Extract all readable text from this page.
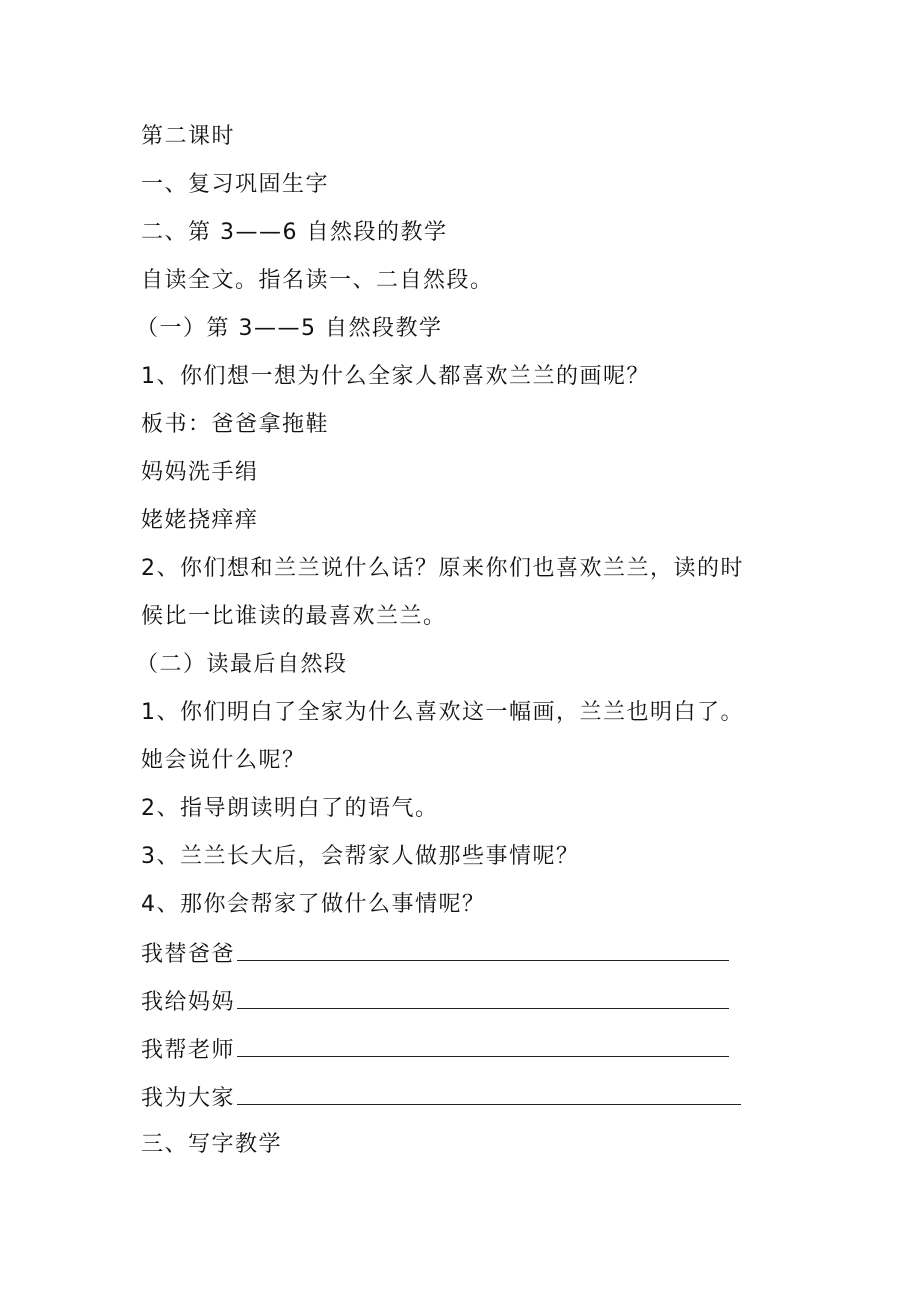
第二课时
一、复习巩固生字
二、第 3——6 自然段的教学
自读全文。指名读一、二自然段。
（一）第 3——5 自然段教学
1、你们想一想为什么全家人都喜欢兰兰的画呢？
板书：爸爸拿拖鞋
妈妈洗手绢
姥姥挠痒痒
2、你们想和兰兰说什么话？原来你们也喜欢兰兰，读的时
候比一比谁读的最喜欢兰兰。
（二）读最后自然段
1、你们明白了全家为什么喜欢这一幅画，兰兰也明白了。
她会说什么呢？
2、指导朗读明白了的语气。
3、兰兰长大后，会帮家人做那些事情呢？
4、那你会帮家了做什么事情呢？
我替爸爸
我给妈妈
我帮老师
我为大家
三、写字教学
